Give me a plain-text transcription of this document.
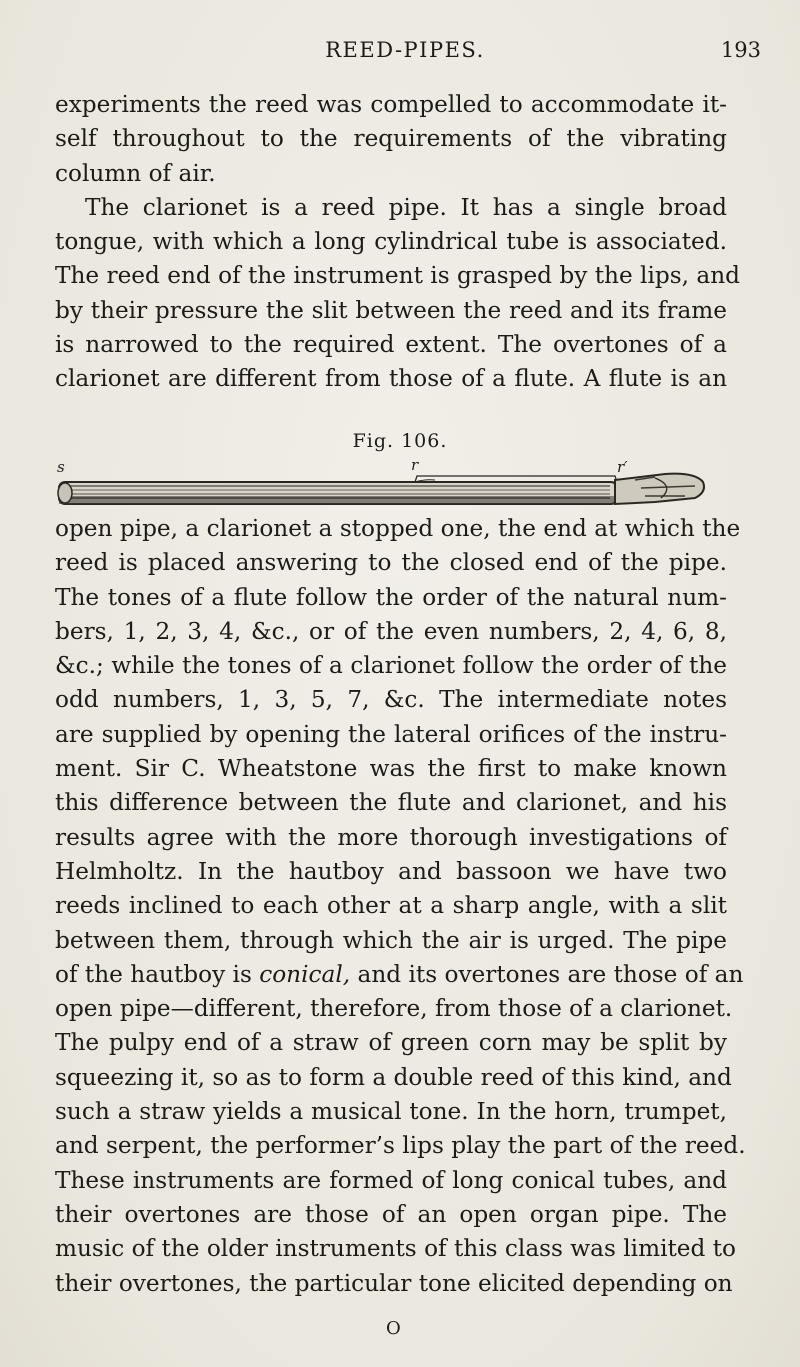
REED-PIPES.	193
experiments the reed was compelled to accommodate it-
self throughout to the requirements of the vibrating
column of air.
The clarionet is a reed pipe. It has a single broad
tongue, with which a long cylindrical tube is associated.
The reed end of the instrument is grasped by the lips, and
by their pressure the slit between the reed and its frame
is narrowed to the required extent. The overtones of a
clarionet are different from those of a flute. A flute is an
Fig. 106.
s	r	r′
open pipe, a clarionet a stopped one, the end at which the
reed is placed answering to the closed end of the pipe.
The tones of a flute follow the order of the natural num-
bers, 1, 2, 3, 4, &c., or of the even numbers, 2, 4, 6, 8,
&c.; while the tones of a clarionet follow the order of the
odd numbers, 1, 3, 5, 7, &c. The intermediate notes
are supplied by opening the lateral orifices of the instru-
ment. Sir C. Wheatstone was the first to make known
this difference between the flute and clarionet, and his
results agree with the more thorough investigations of
Helmholtz. In the hautboy and bassoon we have two
reeds inclined to each other at a sharp angle, with a slit
between them, through which the air is urged. The pipe
of the hautboy is conical, and its overtones are those of an
open pipe—different, therefore, from those of a clarionet.
The pulpy end of a straw of green corn may be split by
squeezing it, so as to form a double reed of this kind, and
such a straw yields a musical tone. In the horn, trumpet,
and serpent, the performer’s lips play the part of the reed.
These instruments are formed of long conical tubes, and
their overtones are those of an open organ pipe. The
music of the older instruments of this class was limited to
their overtones, the particular tone elicited depending on
O
